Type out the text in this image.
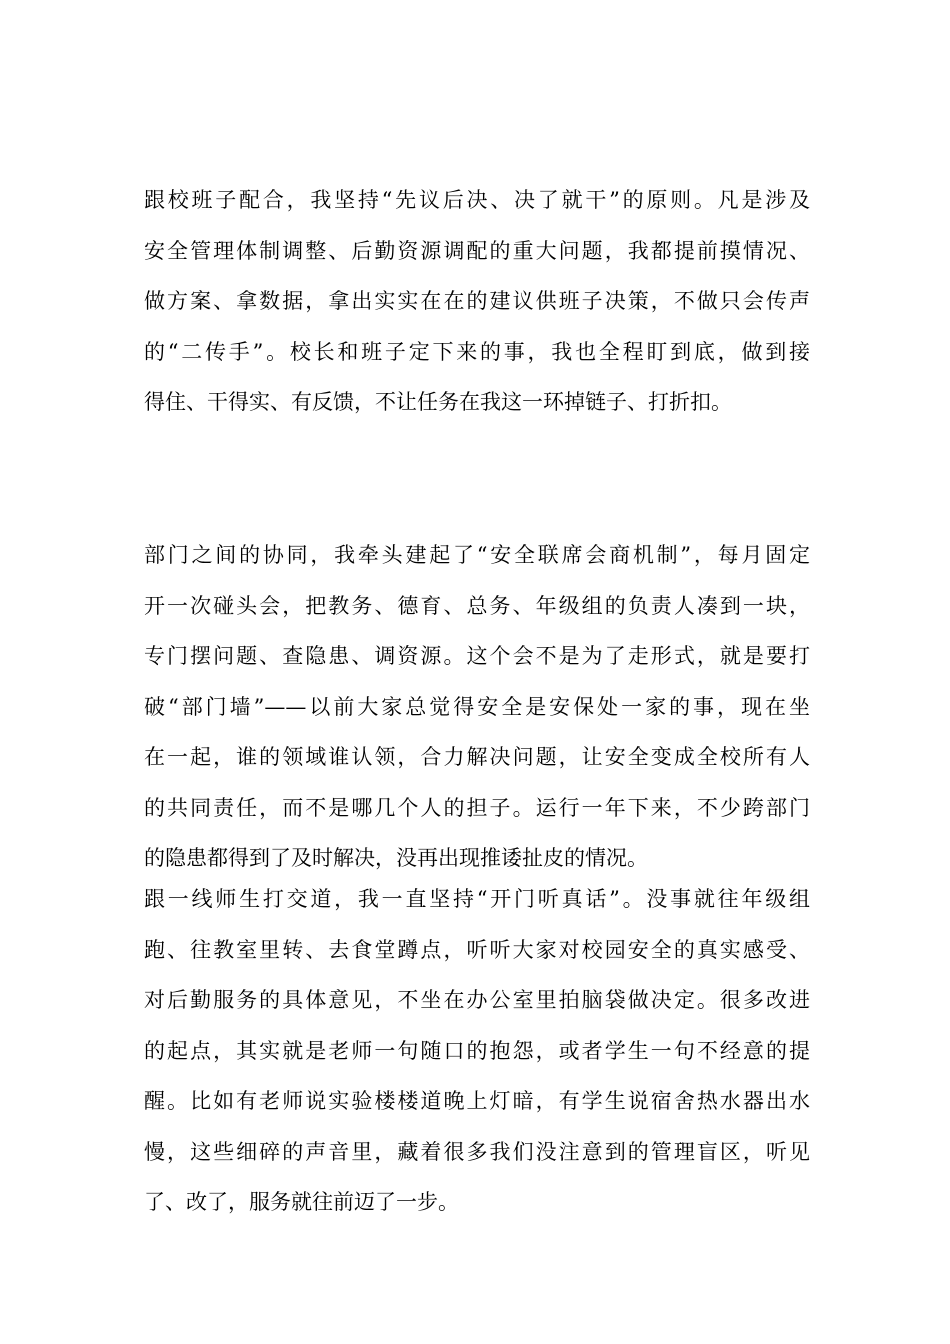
跟校班子配合，我坚持“先议后决、决了就干”的原则。凡是涉及
安全管理体制调整、后勤资源调配的重大问题，我都提前摸情况、
做方案、拿数据，拿出实实在在的建议供班子决策，不做只会传声
的“二传手”。校长和班子定下来的事，我也全程盯到底，做到接
得住、干得实、有反馈，不让任务在我这一环掉链子、打折扣。
部门之间的协同，我牵头建起了“安全联席会商机制”，每月固定
开一次碰头会，把教务、德育、总务、年级组的负责人凑到一块，
专门摆问题、查隐患、调资源。这个会不是为了走形式，就是要打
破“部门墙”——以前大家总觉得安全是安保处一家的事，现在坐
在一起，谁的领域谁认领，合力解决问题，让安全变成全校所有人
的共同责任，而不是哪几个人的担子。运行一年下来，不少跨部门
的隐患都得到了及时解决，没再出现推诿扯皮的情况。
跟一线师生打交道，我一直坚持“开门听真话”。没事就往年级组
跑、往教室里转、去食堂蹲点，听听大家对校园安全的真实感受、
对后勤服务的具体意见，不坐在办公室里拍脑袋做决定。很多改进
的起点，其实就是老师一句随口的抱怨，或者学生一句不经意的提
醒。比如有老师说实验楼楼道晚上灯暗，有学生说宿舍热水器出水
慢，这些细碎的声音里，藏着很多我们没注意到的管理盲区，听见
了、改了，服务就往前迈了一步。
